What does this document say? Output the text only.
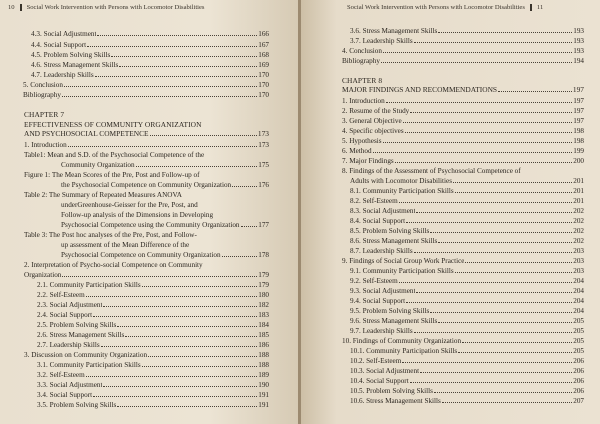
10 Social Work Intervention with Persons with Locomotor Disabilities
4.3. Social Adjustment	166
4.4. Social Support	167
4.5. Problem Solving Skills	168
4.6. Stress Management Skills	169
4.7. Leadership Skills	170
5. Conclusion	170
Bibliography	170
CHAPTER 7
EFFECTIVENESS OF COMMUNITY ORGANIZATION
AND PSYCHOSOCIAL COMPETENCE	173
1. Introduction	173
Table1: Mean and S.D. of the Psychosocial Competence of the
Community Organization	175
Figure 1: The Mean Scores of the Pre, Post and Follow-up of
the Psychosocial Competence on Community Organization	176
Table 2: The Summary of Repeated Measures ANOVA
underGreenhouse-Geisser for the Pre, Post, and
Follow-up analysis of the Dimensions in Developing
Psychosocial Competence using the Community Organization	177
Table 3: The Post hoc analyses of the Pre, Post, and Follow-
up assessment of the Mean Difference of the
Psychosocial Competence on Community Organization	178
2. Interpretation of Psycho-social Competence on Community
Organization	179
2.1. Community Participation Skills	179
2.2. Self-Esteem	180
2.3. Social Adjustment	182
2.4. Social Support	183
2.5. Problem Solving Skills	184
2.6. Stress Management Skills	185
2.7. Leadership Skills	186
3. Discussion on Community Organization	188
3.1. Community Participation Skills	188
3.2. Self-Esteem	189
3.3. Social Adjustment	190
3.4. Social Support	191
3.5. Problem Solving Skills	191
Social Work Intervention with Persons with Locomotor Disabilities 11
3.6. Stress Management Skills	193
3.7. Leadership Skills	193
4. Conclusion	193
Bibliography	194
CHAPTER 8
MAJOR FINDINGS AND RECOMMENDATIONS	197
1. Introduction	197
2. Resume of the Study	197
3. General Objective	197
4. Specific objectives	198
5. Hypothesis	198
6. Method	199
7. Major Findings	200
8. Findings of the Assessment of Psychosocial Competence of
Adults with Locomotor Disabilities	201
8.1. Community Participation Skills	201
8.2. Self-Esteem	201
8.3. Social Adjustment	202
8.4. Social Support	202
8.5. Problem Solving Skills	202
8.6. Stress Management Skills	202
8.7. Leadership Skills	203
9. Findings of Social Group Work Practice	203
9.1. Community Participation Skills	203
9.2. Self-Esteem	204
9.3. Social Adjustment	204
9.4. Social Support	204
9.5. Problem Solving Skills	204
9.6. Stress Management Skills	205
9.7. Leadership Skills	205
10. Findings of Community Organization	205
10.1. Community Participation Skills	205
10.2. Self-Esteem	206
10.3. Social Adjustment	206
10.4. Social Support	206
10.5. Problem Solving Skills	206
10.6. Stress Management Skills	207
